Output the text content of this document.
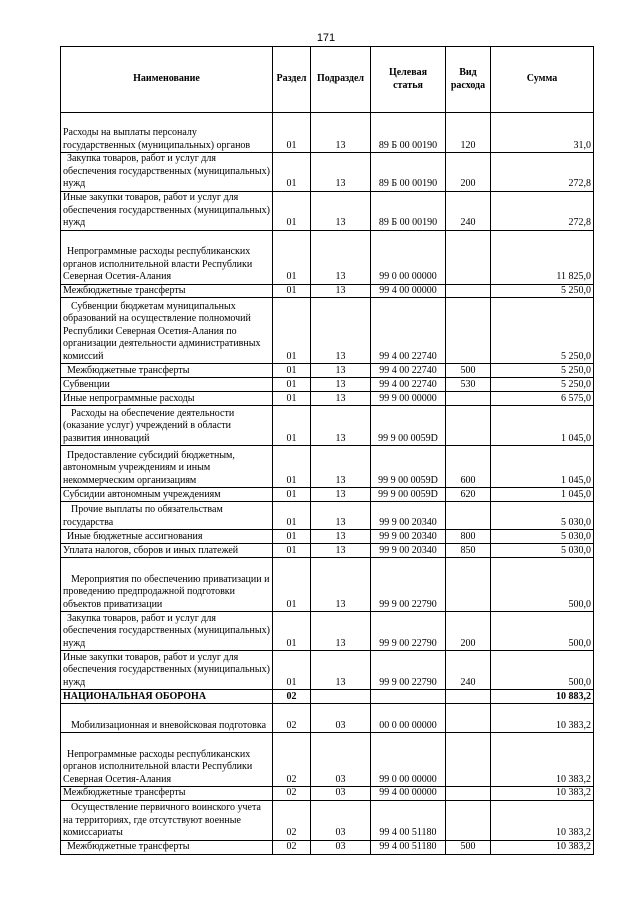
171
Наименование	Раздел	Подраздел	Целевая статья	Вид расхода	Сумма
Расходы на выплаты персоналу государственных (муниципальных) органов	01	13	89 Б 00 00190	120	31,0
Закупка товаров, работ и услуг для обеспечения государственных (муниципальных) нужд	01	13	89 Б 00 00190	200	272,8
Иные закупки товаров, работ и услуг для обеспечения государственных (муниципальных) нужд	01	13	89 Б 00 00190	240	272,8
Непрограммные расходы республиканских органов исполнительной власти Республики Северная Осетия-Алания	01	13	99 0 00 00000		11 825,0
Межбюджетные трансферты	01	13	99 4 00 00000		5 250,0
Субвенции бюджетам муниципальных образований на осуществление полномочий Республики Северная Осетия-Алания по организации деятельности административных комиссий	01	13	99 4 00 22740		5 250,0
Межбюджетные трансферты	01	13	99 4 00 22740	500	5 250,0
Субвенции	01	13	99 4 00 22740	530	5 250,0
Иные непрограммные расходы	01	13	99 9 00 00000		6 575,0
Расходы на обеспечение деятельности (оказание услуг) учреждений в области развития инноваций	01	13	99 9 00 0059D		1 045,0
Предоставление субсидий бюджетным, автономным учреждениям и иным некоммерческим организациям	01	13	99 9 00 0059D	600	1 045,0
Субсидии автономным учреждениям	01	13	99 9 00 0059D	620	1 045,0
Прочие выплаты по обязательствам государства	01	13	99 9 00 20340		5 030,0
Иные бюджетные ассигнования	01	13	99 9 00 20340	800	5 030,0
Уплата налогов, сборов и иных платежей	01	13	99 9 00 20340	850	5 030,0
Мероприятия по обеспечению приватизации и проведению предпродажной подготовки объектов приватизации	01	13	99 9 00 22790		500,0
Закупка товаров, работ и услуг для обеспечения государственных (муниципальных) нужд	01	13	99 9 00 22790	200	500,0
Иные закупки товаров, работ и услуг для обеспечения государственных (муниципальных) нужд	01	13	99 9 00 22790	240	500,0
НАЦИОНАЛЬНАЯ ОБОРОНА	02				10 883,2
Мобилизационная и вневойсковая подготовка	02	03	00 0 00 00000		10 383,2
Непрограммные расходы республиканских органов исполнительной власти Республики Северная Осетия-Алания	02	03	99 0 00 00000		10 383,2
Межбюджетные трансферты	02	03	99 4 00 00000		10 383,2
Осуществление первичного воинского учета на территориях, где отсутствуют военные комиссариаты	02	03	99 4 00 51180		10 383,2
Межбюджетные трансферты	02	03	99 4 00 51180	500	10 383,2
